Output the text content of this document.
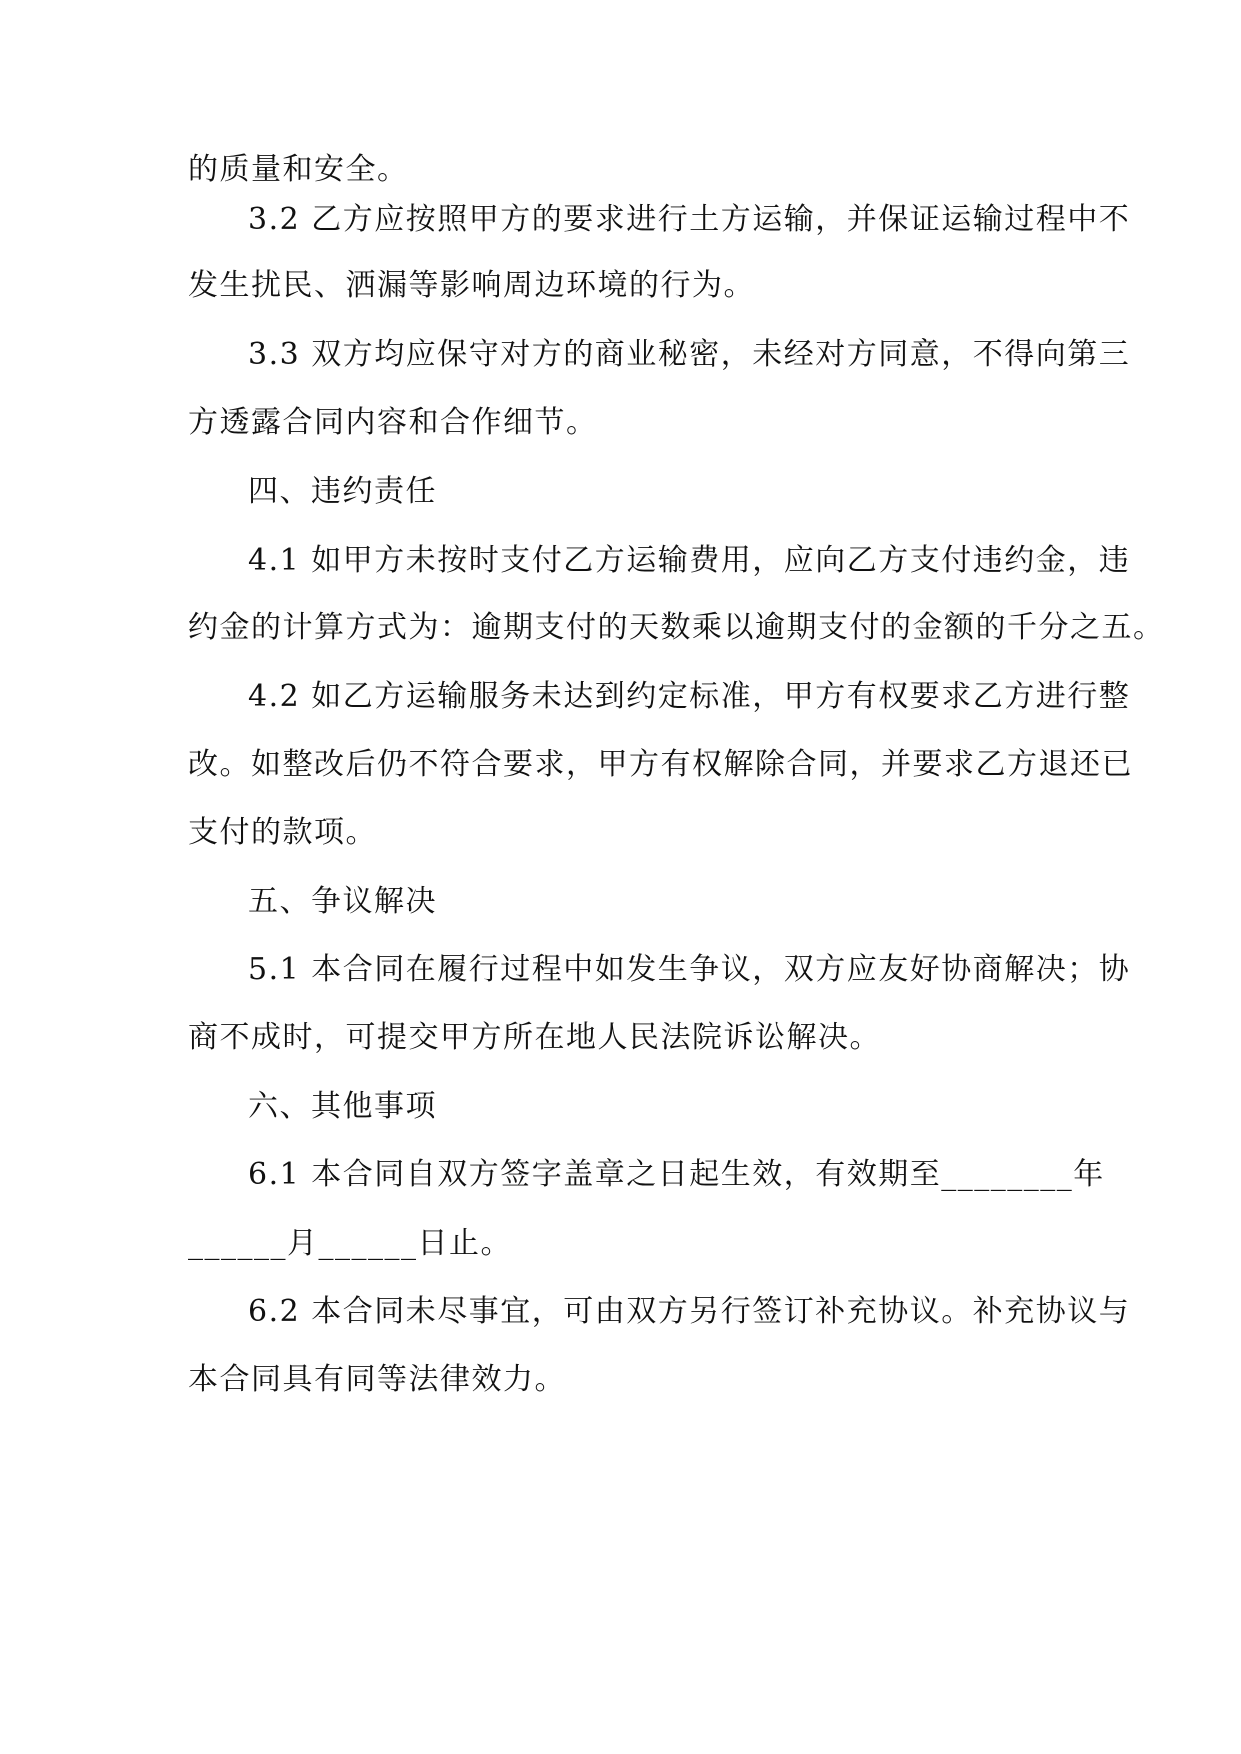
的质量和安全。
3.2 乙方应按照甲方的要求进行土方运输，并保证运输过程中不
发生扰民、洒漏等影响周边环境的行为。
3.3 双方均应保守对方的商业秘密，未经对方同意，不得向第三
方透露合同内容和合作细节。
四、违约责任
4.1 如甲方未按时支付乙方运输费用，应向乙方支付违约金，违
约金的计算方式为：逾期支付的天数乘以逾期支付的金额的千分之五。
4.2 如乙方运输服务未达到约定标准，甲方有权要求乙方进行整
改。如整改后仍不符合要求，甲方有权解除合同，并要求乙方退还已
支付的款项。
五、争议解决
5.1 本合同在履行过程中如发生争议，双方应友好协商解决；协
商不成时，可提交甲方所在地人民法院诉讼解决。
六、其他事项
6.1 本合同自双方签字盖章之日起生效，有效期至________年
______月______日止。
6.2 本合同未尽事宜，可由双方另行签订补充协议。补充协议与
本合同具有同等法律效力。
